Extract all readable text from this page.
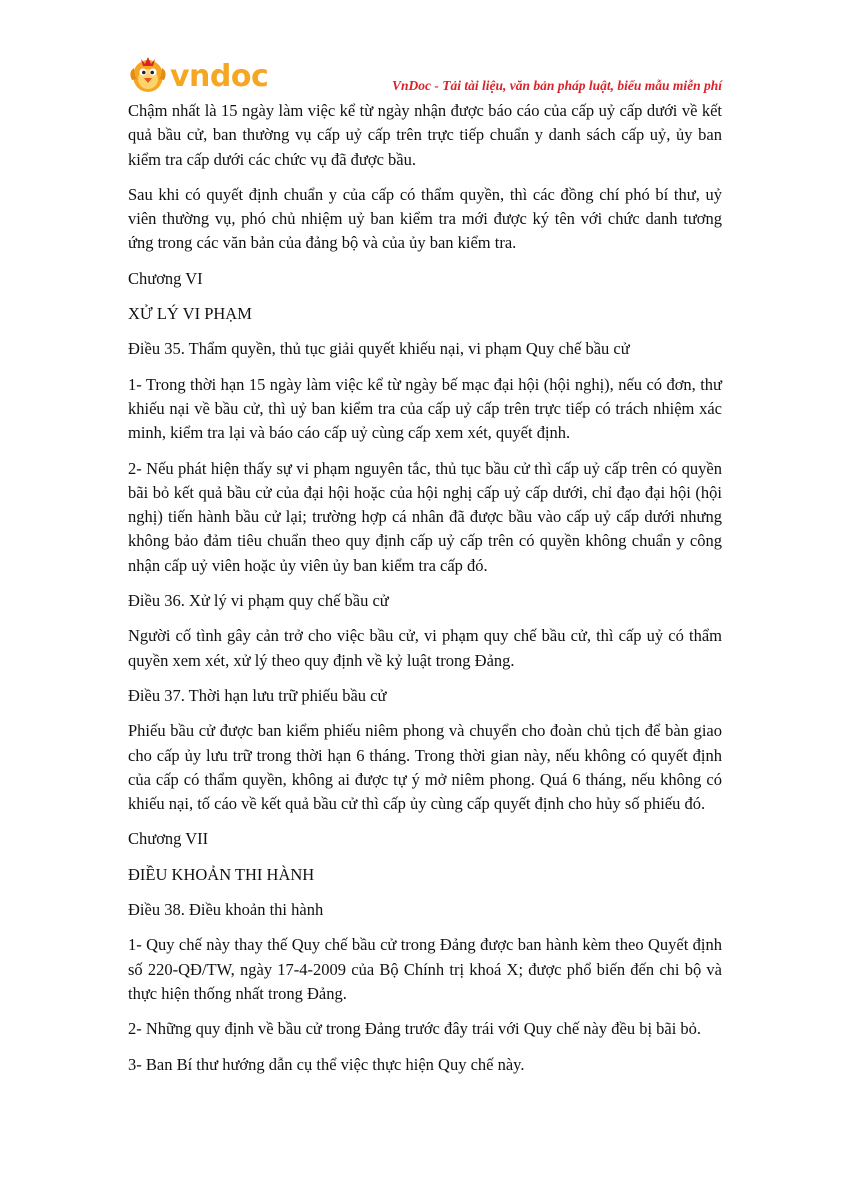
vndoc	VnDoc - Tải tài liệu, văn bản pháp luật, biểu mẫu miễn phí

Chậm nhất là 15 ngày làm việc kể từ ngày nhận được báo cáo của cấp uỷ cấp dưới về kết quả bầu cử, ban thường vụ cấp uỷ cấp trên trực tiếp chuẩn y danh sách cấp uỷ, ủy ban kiểm tra cấp dưới các chức vụ đã được bầu.

Sau khi có quyết định chuẩn y của cấp có thẩm quyền, thì các đồng chí phó bí thư, uỷ viên thường vụ, phó chủ nhiệm uỷ ban kiểm tra mới được ký tên với chức danh tương ứng trong các văn bản của đảng bộ và của ủy ban kiểm tra.

Chương VI

XỬ LÝ VI PHẠM

Điều 35. Thẩm quyền, thủ tục giải quyết khiếu nại, vi phạm Quy chế bầu cử

1- Trong thời hạn 15 ngày làm việc kể từ ngày bế mạc đại hội (hội nghị), nếu có đơn, thư khiếu nại về bầu cử, thì uỷ ban kiểm tra của cấp uỷ cấp trên trực tiếp có trách nhiệm xác minh, kiểm tra lại và báo cáo cấp uỷ cùng cấp xem xét, quyết định.

2- Nếu phát hiện thấy sự vi phạm nguyên tắc, thủ tục bầu cử thì cấp uỷ cấp trên có quyền bãi bỏ kết quả bầu cử của đại hội hoặc của hội nghị cấp uỷ cấp dưới, chỉ đạo đại hội (hội nghị) tiến hành bầu cử lại; trường hợp cá nhân đã được bầu vào cấp uỷ cấp dưới nhưng không bảo đảm tiêu chuẩn theo quy định cấp uỷ cấp trên có quyền không chuẩn y công nhận cấp uỷ viên hoặc ủy viên ủy ban kiểm tra cấp đó.

Điều 36. Xử lý vi phạm quy chế bầu cử

Người cố tình gây cản trở cho việc bầu cử, vi phạm quy chế bầu cử, thì cấp uỷ có thẩm quyền xem xét, xử lý theo quy định về kỷ luật trong Đảng.

Điều 37. Thời hạn lưu trữ phiếu bầu cử

Phiếu bầu cử được ban kiểm phiếu niêm phong và chuyển cho đoàn chủ tịch để bàn giao cho cấp ủy lưu trữ trong thời hạn 6 tháng. Trong thời gian này, nếu không có quyết định của cấp có thẩm quyền, không ai được tự ý mở niêm phong. Quá 6 tháng, nếu không có khiếu nại, tố cáo về kết quả bầu cử thì cấp ủy cùng cấp quyết định cho hủy số phiếu đó.

Chương VII

ĐIỀU KHOẢN THI HÀNH

Điều 38. Điều khoản thi hành

1- Quy chế này thay thế Quy chế bầu cử trong Đảng được ban hành kèm theo Quyết định số 220-QĐ/TW, ngày 17-4-2009 của Bộ Chính trị khoá X; được phổ biến đến chi bộ và thực hiện thống nhất trong Đảng.

2- Những quy định về bầu cử trong Đảng trước đây trái với Quy chế này đều bị bãi bỏ.

3- Ban Bí thư hướng dẫn cụ thể việc thực hiện Quy chế này.
